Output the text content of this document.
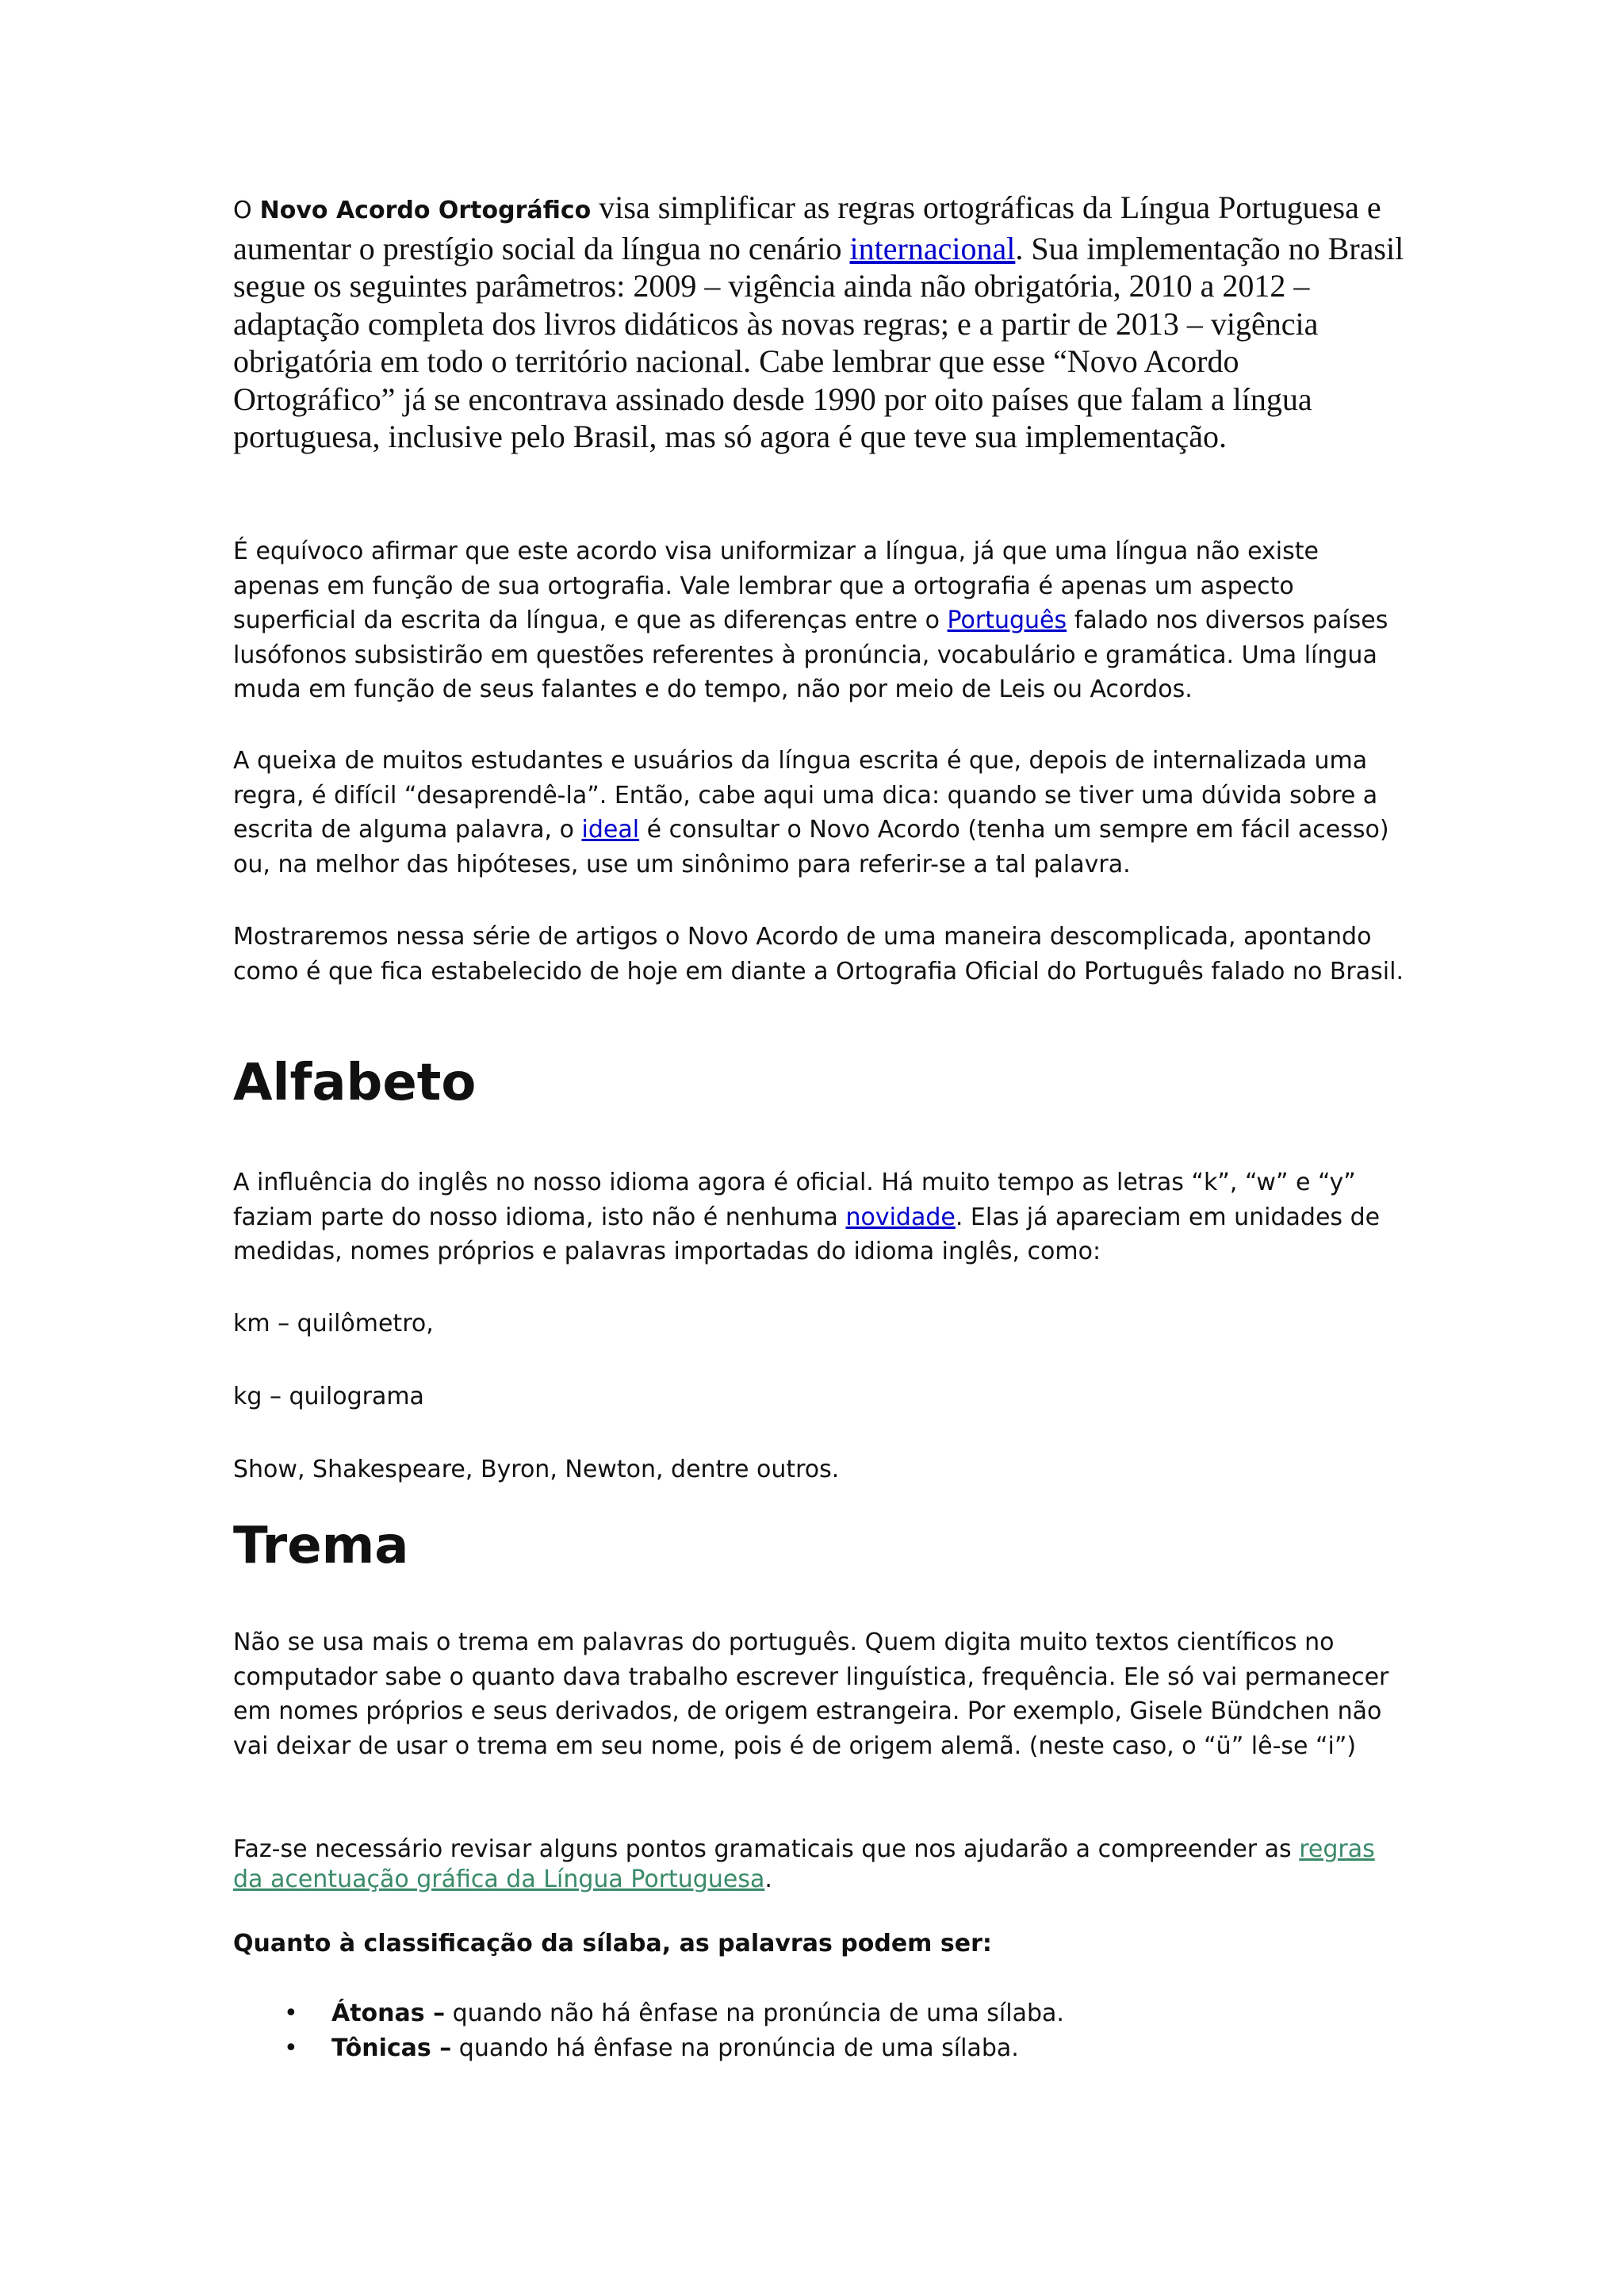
O Novo Acordo Ortográfico visa simplificar as regras ortográficas da Língua Portuguesa e aumentar o prestígio social da língua no cenário internacional. Sua implementação no Brasil segue os seguintes parâmetros: 2009 – vigência ainda não obrigatória, 2010 a 2012 – adaptação completa dos livros didáticos às novas regras; e a partir de 2013 – vigência obrigatória em todo o território nacional. Cabe lembrar que esse “Novo Acordo Ortográfico” já se encontrava assinado desde 1990 por oito países que falam a língua portuguesa, inclusive pelo Brasil, mas só agora é que teve sua implementação.

É equívoco afirmar que este acordo visa uniformizar a língua, já que uma língua não existe apenas em função de sua ortografia. Vale lembrar que a ortografia é apenas um aspecto superficial da escrita da língua, e que as diferenças entre o Português falado nos diversos países lusófonos subsistirão em questões referentes à pronúncia, vocabulário e gramática. Uma língua muda em função de seus falantes e do tempo, não por meio de Leis ou Acordos.

A queixa de muitos estudantes e usuários da língua escrita é que, depois de internalizada uma regra, é difícil “desaprendê-la”. Então, cabe aqui uma dica: quando se tiver uma dúvida sobre a escrita de alguma palavra, o ideal é consultar o Novo Acordo (tenha um sempre em fácil acesso) ou, na melhor das hipóteses, use um sinônimo para referir-se a tal palavra.

Mostraremos nessa série de artigos o Novo Acordo de uma maneira descomplicada, apontando como é que fica estabelecido de hoje em diante a Ortografia Oficial do Português falado no Brasil.

Alfabeto

A influência do inglês no nosso idioma agora é oficial. Há muito tempo as letras “k”, “w” e “y” faziam parte do nosso idioma, isto não é nenhuma novidade. Elas já apareciam em unidades de medidas, nomes próprios e palavras importadas do idioma inglês, como:

km – quilômetro,

kg – quilograma

Show, Shakespeare, Byron, Newton, dentre outros.

Trema

Não se usa mais o trema em palavras do português. Quem digita muito textos científicos no computador sabe o quanto dava trabalho escrever linguística, frequência. Ele só vai permanecer em nomes próprios e seus derivados, de origem estrangeira. Por exemplo, Gisele Bündchen não vai deixar de usar o trema em seu nome, pois é de origem alemã. (neste caso, o “ü” lê-se “i”)

Faz-se necessário revisar alguns pontos gramaticais que nos ajudarão a compreender as regras da acentuação gráfica da Língua Portuguesa.

Quanto à classificação da sílaba, as palavras podem ser:

• Átonas – quando não há ênfase na pronúncia de uma sílaba.
• Tônicas – quando há ênfase na pronúncia de uma sílaba.
